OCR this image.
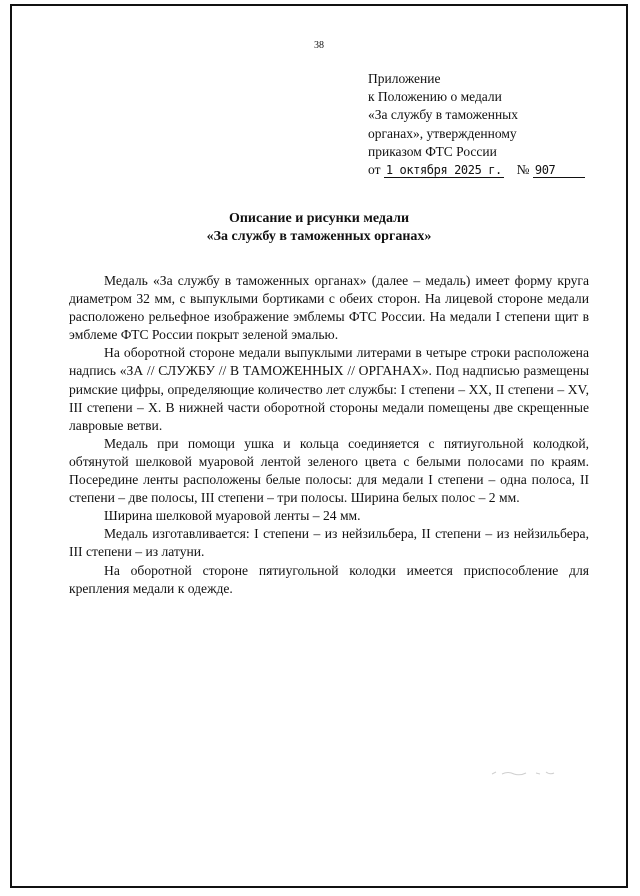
38
Приложение
к Положению о медали
«За службу в таможенных
органах», утвержденному
приказом ФТС России
от 1 октября 2025 г. № 907
Описание и рисунки медали
«За службу в таможенных органах»

Медаль «За службу в таможенных органах» (далее – медаль) имеет форму круга диаметром 32 мм, с выпуклыми бортиками с обеих сторон. На лицевой стороне медали расположено рельефное изображение эмблемы ФТС России. На медали I степени щит в эмблеме ФТС России покрыт зеленой эмалью.

На оборотной стороне медали выпуклыми литерами в четыре строки расположена надпись «ЗА // СЛУЖБУ // В ТАМОЖЕННЫХ // ОРГАНАХ». Под надписью размещены римские цифры, определяющие количество лет службы: I степени – XX, II степени – XV, III степени – X. В нижней части оборотной стороны медали помещены две скрещенные лавровые ветви.

Медаль при помощи ушка и кольца соединяется с пятиугольной колодкой, обтянутой шелковой муаровой лентой зеленого цвета с белыми полосами по краям. Посередине ленты расположены белые полосы: для медали I степени – одна полоса, II степени – две полосы, III степени – три полосы. Ширина белых полос – 2 мм.

Ширина шелковой муаровой ленты – 24 мм.

Медаль изготавливается: I степени – из нейзильбера, II степени – из нейзильбера, III степени – из латуни.

На оборотной стороне пятиугольной колодки имеется приспособление для крепления медали к одежде.
